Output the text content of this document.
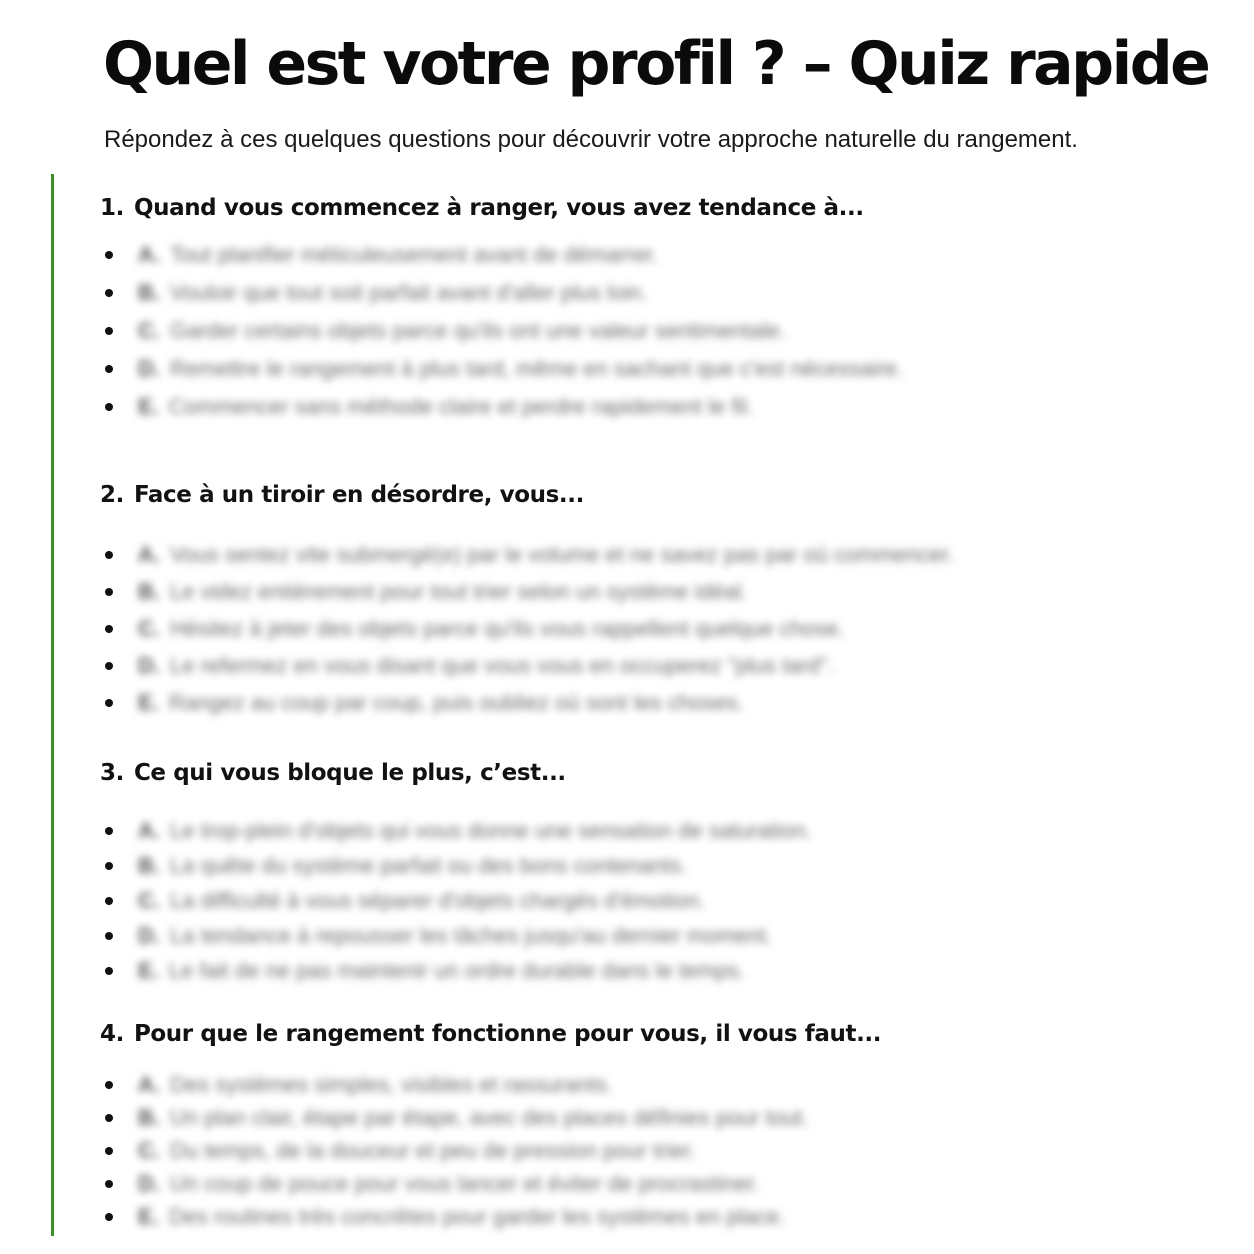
Quel est votre profil ? – Quiz rapide

Répondez à ces quelques questions pour découvrir votre approche naturelle du rangement.

1. Quand vous commencez à ranger, vous avez tendance à...
A. Tout planifier méticuleusement avant de démarrer.
B. Vouloir que tout soit parfait avant d'aller plus loin.
C. Garder certains objets parce qu'ils ont une valeur sentimentale.
D. Remettre le rangement à plus tard, même en sachant que c'est nécessaire.
E. Commencer sans méthode claire et perdre rapidement le fil.
2. Face à un tiroir en désordre, vous...
A. Vous sentez vite submergé(e) par le volume et ne savez pas par où commencer.
B. Le videz entièrement pour tout trier selon un système idéal.
C. Hésitez à jeter des objets parce qu'ils vous rappellent quelque chose.
D. Le refermez en vous disant que vous vous en occuperez "plus tard".
E. Rangez au coup par coup, puis oubliez où sont les choses.
3. Ce qui vous bloque le plus, c’est...
A. Le trop-plein d'objets qui vous donne une sensation de saturation.
B. La quête du système parfait ou des bons contenants.
C. La difficulté à vous séparer d'objets chargés d'émotion.
D. La tendance à repousser les tâches jusqu'au dernier moment.
E. Le fait de ne pas maintenir un ordre durable dans le temps.
4. Pour que le rangement fonctionne pour vous, il vous faut...
A. Des systèmes simples, visibles et rassurants.
B. Un plan clair, étape par étape, avec des places définies pour tout.
C. Du temps, de la douceur et peu de pression pour trier.
D. Un coup de pouce pour vous lancer et éviter de procrastiner.
E. Des routines très concrètes pour garder les systèmes en place.
